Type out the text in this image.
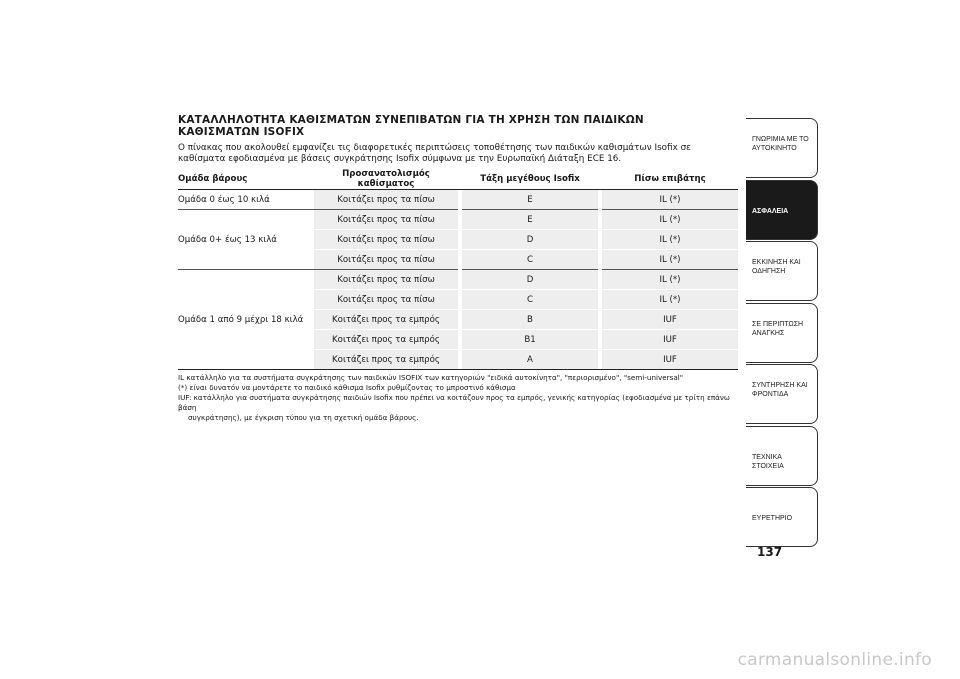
ΚΑΤΑΛΛΗΛΟΤΗΤΑ ΚΑΘΙΣΜΑΤΩΝ ΣΥΝΕΠΙΒΑΤΩΝ ΓΙΑ ΤΗ ΧΡΗΣΗ ΤΩΝ ΠΑΙΔΙΚΩΝ
ΚΑΘΙΣΜΑΤΩΝ ISOFIX
Ο πίνακας που ακολουθεί εμφανίζει τις διαφορετικές περιπτώσεις τοποθέτησης των παιδικών καθισμάτων Isofix σε καθίσματα εφοδιασμένα με βάσεις συγκράτησης Isofix σύμφωνα με την Ευρωπαϊκή Διάταξη ECE 16.
Ομάδα βάρους	Προσανατολισμός καθίσματος		Τάξη μεγέθους Isofix		Πίσω επιβάτης
Ομάδα 0 έως 10 κιλά	Κοιτάζει προς τα πίσω		E		IL (*)
Ομάδα 0+ έως 13 κιλά	Κοιτάζει προς τα πίσω		E		IL (*)
	Κοιτάζει προς τα πίσω		D		IL (*)
	Κοιτάζει προς τα πίσω		C		IL (*)
Ομάδα 1 από 9 μέχρι 18 κιλά	Κοιτάζει προς τα πίσω		D		IL (*)
	Κοιτάζει προς τα πίσω		C		IL (*)
	Κοιτάζει προς τα εμπρός		B		IUF
	Κοιτάζει προς τα εμπρός		B1		IUF
	Κοιτάζει προς τα εμπρός		A		IUF
IL κατάλληλο για τα συστήματα συγκράτησης των παιδικών ISOFIX των κατηγοριών "ειδικά αυτοκίνητα", "περιορισμένο", "semi-universal"
(*) είναι δυνατόν να μοντάρετε το παιδικό κάθισμα Isofix ρυθμίζοντας το μπροστινό κάθισμα
IUF: κατάλληλο για συστήματα συγκράτησης παιδιών Isofix που πρέπει να κοιτάζουν προς τα εμπρός, γενικής κατηγορίας (εφοδιασμένα με τρίτη επάνω βάση
συγκράτησης), με έγκριση τύπου για τη σχετική ομάδα βάρους.
ΓΝΩΡΙΜΙΑ ΜΕ ΤΟ
ΑΥΤΟΚΙΝΗΤΟ
ΑΣΦΑΛΕΙΑ
ΕΚΚΙΝΗΣΗ ΚΑΙ
ΟΔΗΓΗΣΗ
ΣΕ ΠΕΡΙΠΤΩΣΗ
ΑΝΑΓΚΗΣ
ΣΥΝΤΗΡΗΣΗ ΚΑΙ
ΦΡΟΝΤΙΔΑ
ΤΕΧΝΙΚΑ ΣΤΟΙΧΕΙΑ
ΕΥΡΕΤΗΡΙΟ
137
carmanualsonline.info
